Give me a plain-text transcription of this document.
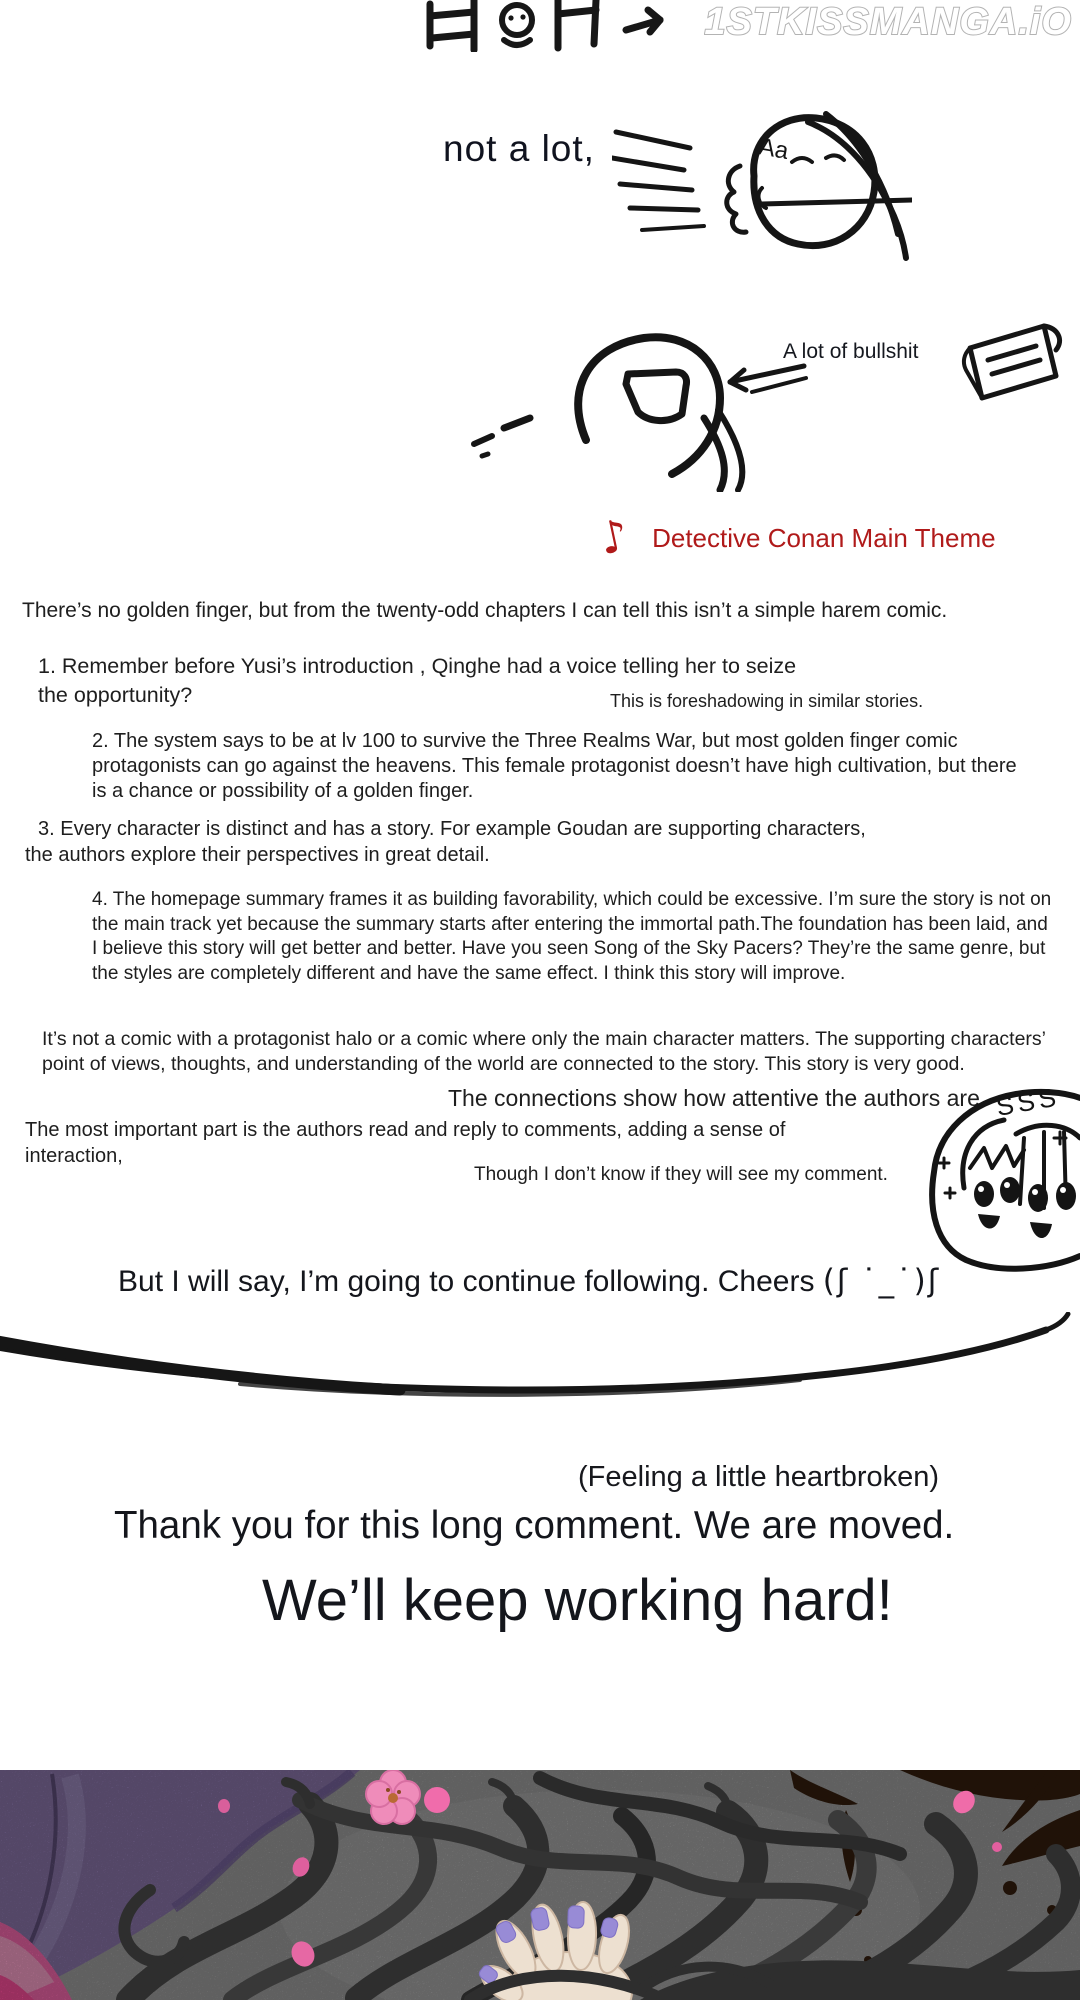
1STKISSMANGA.iO
not a lot,	Aa
A lot of bullshit
♪ Detective Conan Main Theme
There’s no golden finger, but from the twenty-odd chapters I can tell this isn’t a simple harem comic.
1. Remember before Yusi’s introduction , Qinghe had a voice telling her to seize
the opportunity?	This is foreshadowing in similar stories.
2. The system says to be at lv 100 to survive the Three Realms War, but most golden finger comic
protagonists can go against the heavens. This female protagonist doesn’t have high cultivation, but there
is a chance or possibility of a golden finger.
3. Every character is distinct and has a story. For example Goudan are supporting characters,
the authors explore their perspectives in great detail.
4. The homepage summary frames it as building favorability, which could be excessive. I’m sure the story is not on
the main track yet because the summary starts after entering the immortal path.The foundation has been laid, and
I believe this story will get better and better. Have you seen Song of the Sky Pacers? They’re the same genre, but
the styles are completely different and have the same effect. I think this story will improve.
It’s not a comic with a protagonist halo or a comic where only the main character matters. The supporting characters’
point of views, thoughts, and understanding of the world are connected to the story. This story is very good.
The connections show how attentive the authors are.
The most important part is the authors read and reply to comments, adding a sense of
interaction,
Though I don’t know if they will see my comment.
SSS
But I will say, I’m going to continue following. Cheers (ʃ ˙_˙)ʃ
(Feeling a little heartbroken)
Thank you for this long comment. We are moved.
We’ll keep working hard!
